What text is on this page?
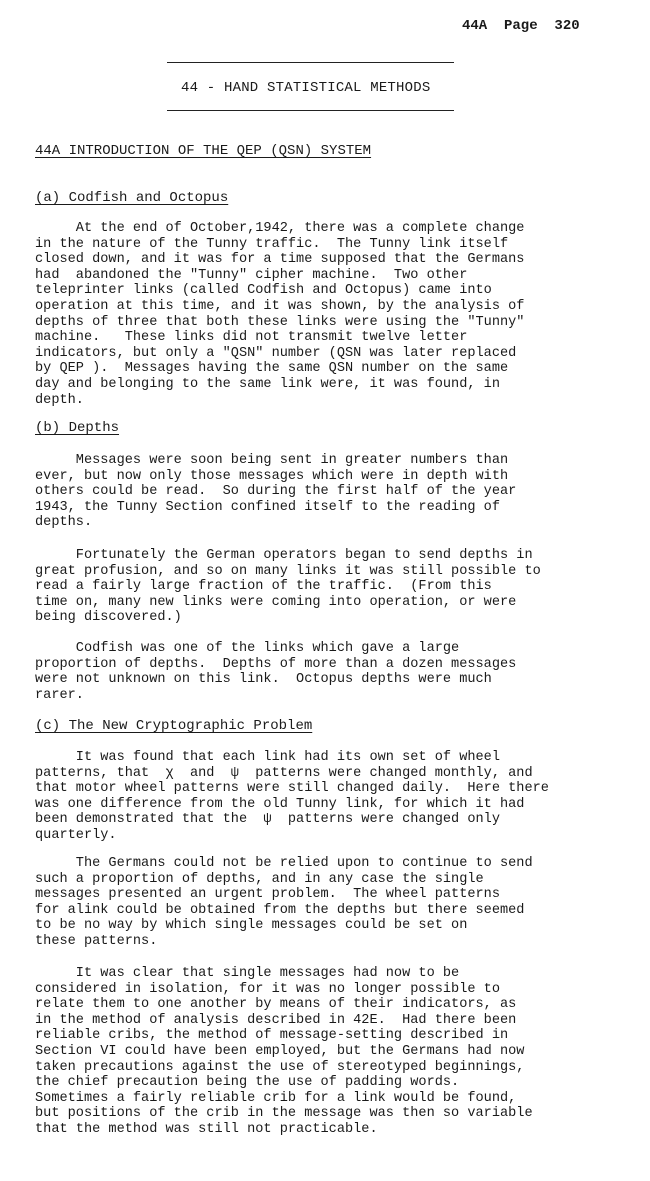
44A  Page  320
44 - HAND STATISTICAL METHODS
44A INTRODUCTION OF THE QEP (QSN) SYSTEM
(a) Codfish and Octopus
At the end of October,1942, there was a complete change
in the nature of the Tunny traffic.  The Tunny link itself
closed down, and it was for a time supposed that the Germans
had  abandoned the "Tunny" cipher machine.  Two other
teleprinter links (called Codfish and Octopus) came into
operation at this time, and it was shown, by the analysis of
depths of three that both these links were using the "Tunny"
machine.   These links did not transmit twelve letter
indicators, but only a "QSN" number (QSN was later replaced
by QEP ).  Messages having the same QSN number on the same
day and belonging to the same link were, it was found, in
depth.
(b) Depths
Messages were soon being sent in greater numbers than
ever, but now only those messages which were in depth with
others could be read.  So during the first half of the year
1943, the Tunny Section confined itself to the reading of
depths.
Fortunately the German operators began to send depths in
great profusion, and so on many links it was still possible to
read a fairly large fraction of the traffic.  (From this
time on, many new links were coming into operation, or were
being discovered.)
Codfish was one of the links which gave a large
proportion of depths.  Depths of more than a dozen messages
were not unknown on this link.  Octopus depths were much
rarer.
(c) The New Cryptographic Problem
It was found that each link had its own set of wheel
patterns, that  χ  and  ψ  patterns were changed monthly, and
that motor wheel patterns were still changed daily.  Here there
was one difference from the old Tunny link, for which it had
been demonstrated that the  ψ  patterns were changed only
quarterly.
The Germans could not be relied upon to continue to send
such a proportion of depths, and in any case the single
messages presented an urgent problem.  The wheel patterns
for alink could be obtained from the depths but there seemed
to be no way by which single messages could be set on
these patterns.
It was clear that single messages had now to be
considered in isolation, for it was no longer possible to
relate them to one another by means of their indicators, as
in the method of analysis described in 42E.  Had there been
reliable cribs, the method of message-setting described in
Section VI could have been employed, but the Germans had now
taken precautions against the use of stereotyped beginnings,
the chief precaution being the use of padding words.
Sometimes a fairly reliable crib for a link would be found,
but positions of the crib in the message was then so variable
that the method was still not practicable.
